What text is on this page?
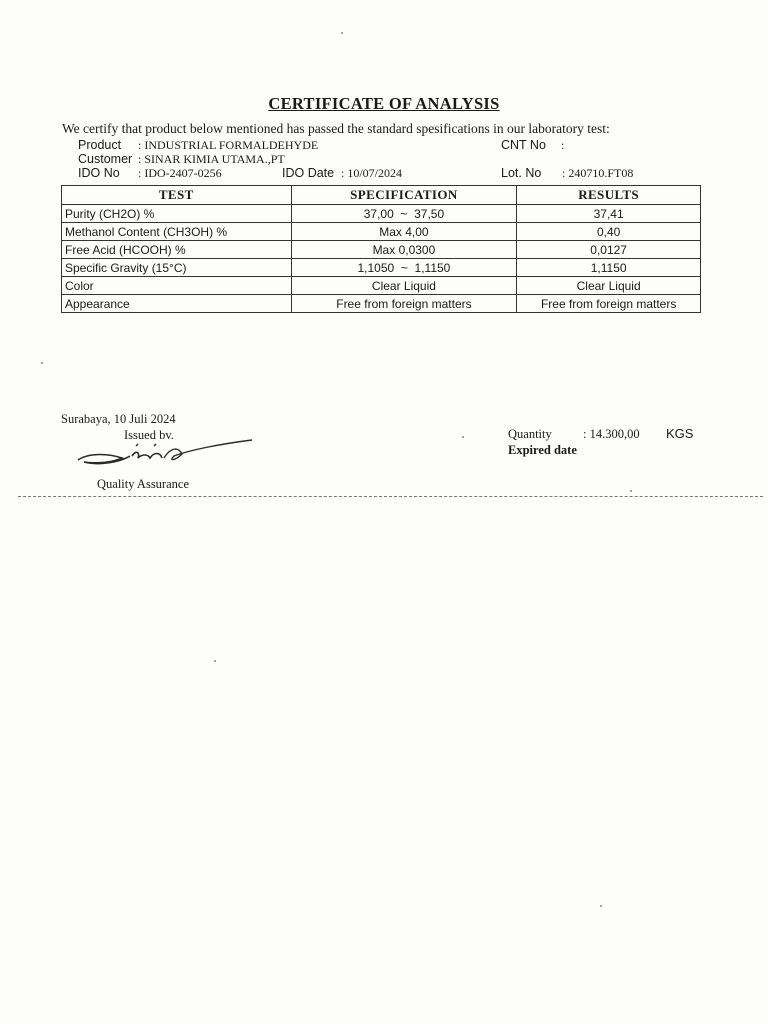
CERTIFICATE OF ANALYSIS
We certify that product below mentioned has passed the standard spesifications in our laboratory test:
Product : INDUSTRIAL FORMALDEHYDE
Customer : SINAR KIMIA UTAMA.,PT
IDO No : IDO-2407-0256	IDO Date : 10/07/2024
CNT No :
Lot. No : 240710.FT08
TEST	SPECIFICATION	RESULTS
Purity (CH2O) %	37,00  ~  37,50	37,41
Methanol Content (CH3OH) %	Max 4,00	0,40
Free Acid (HCOOH) %	Max 0,0300	0,0127
Specific Gravity (15°C)	1,1050  ~  1,1150	1,1150
Color	Clear Liquid	Clear Liquid
Appearance	Free from foreign matters	Free from foreign matters
Surabaya, 10 Juli 2024
Issued bv.
Quality Assurance
Quantity	: 14.300,00 KGS
Expired date
